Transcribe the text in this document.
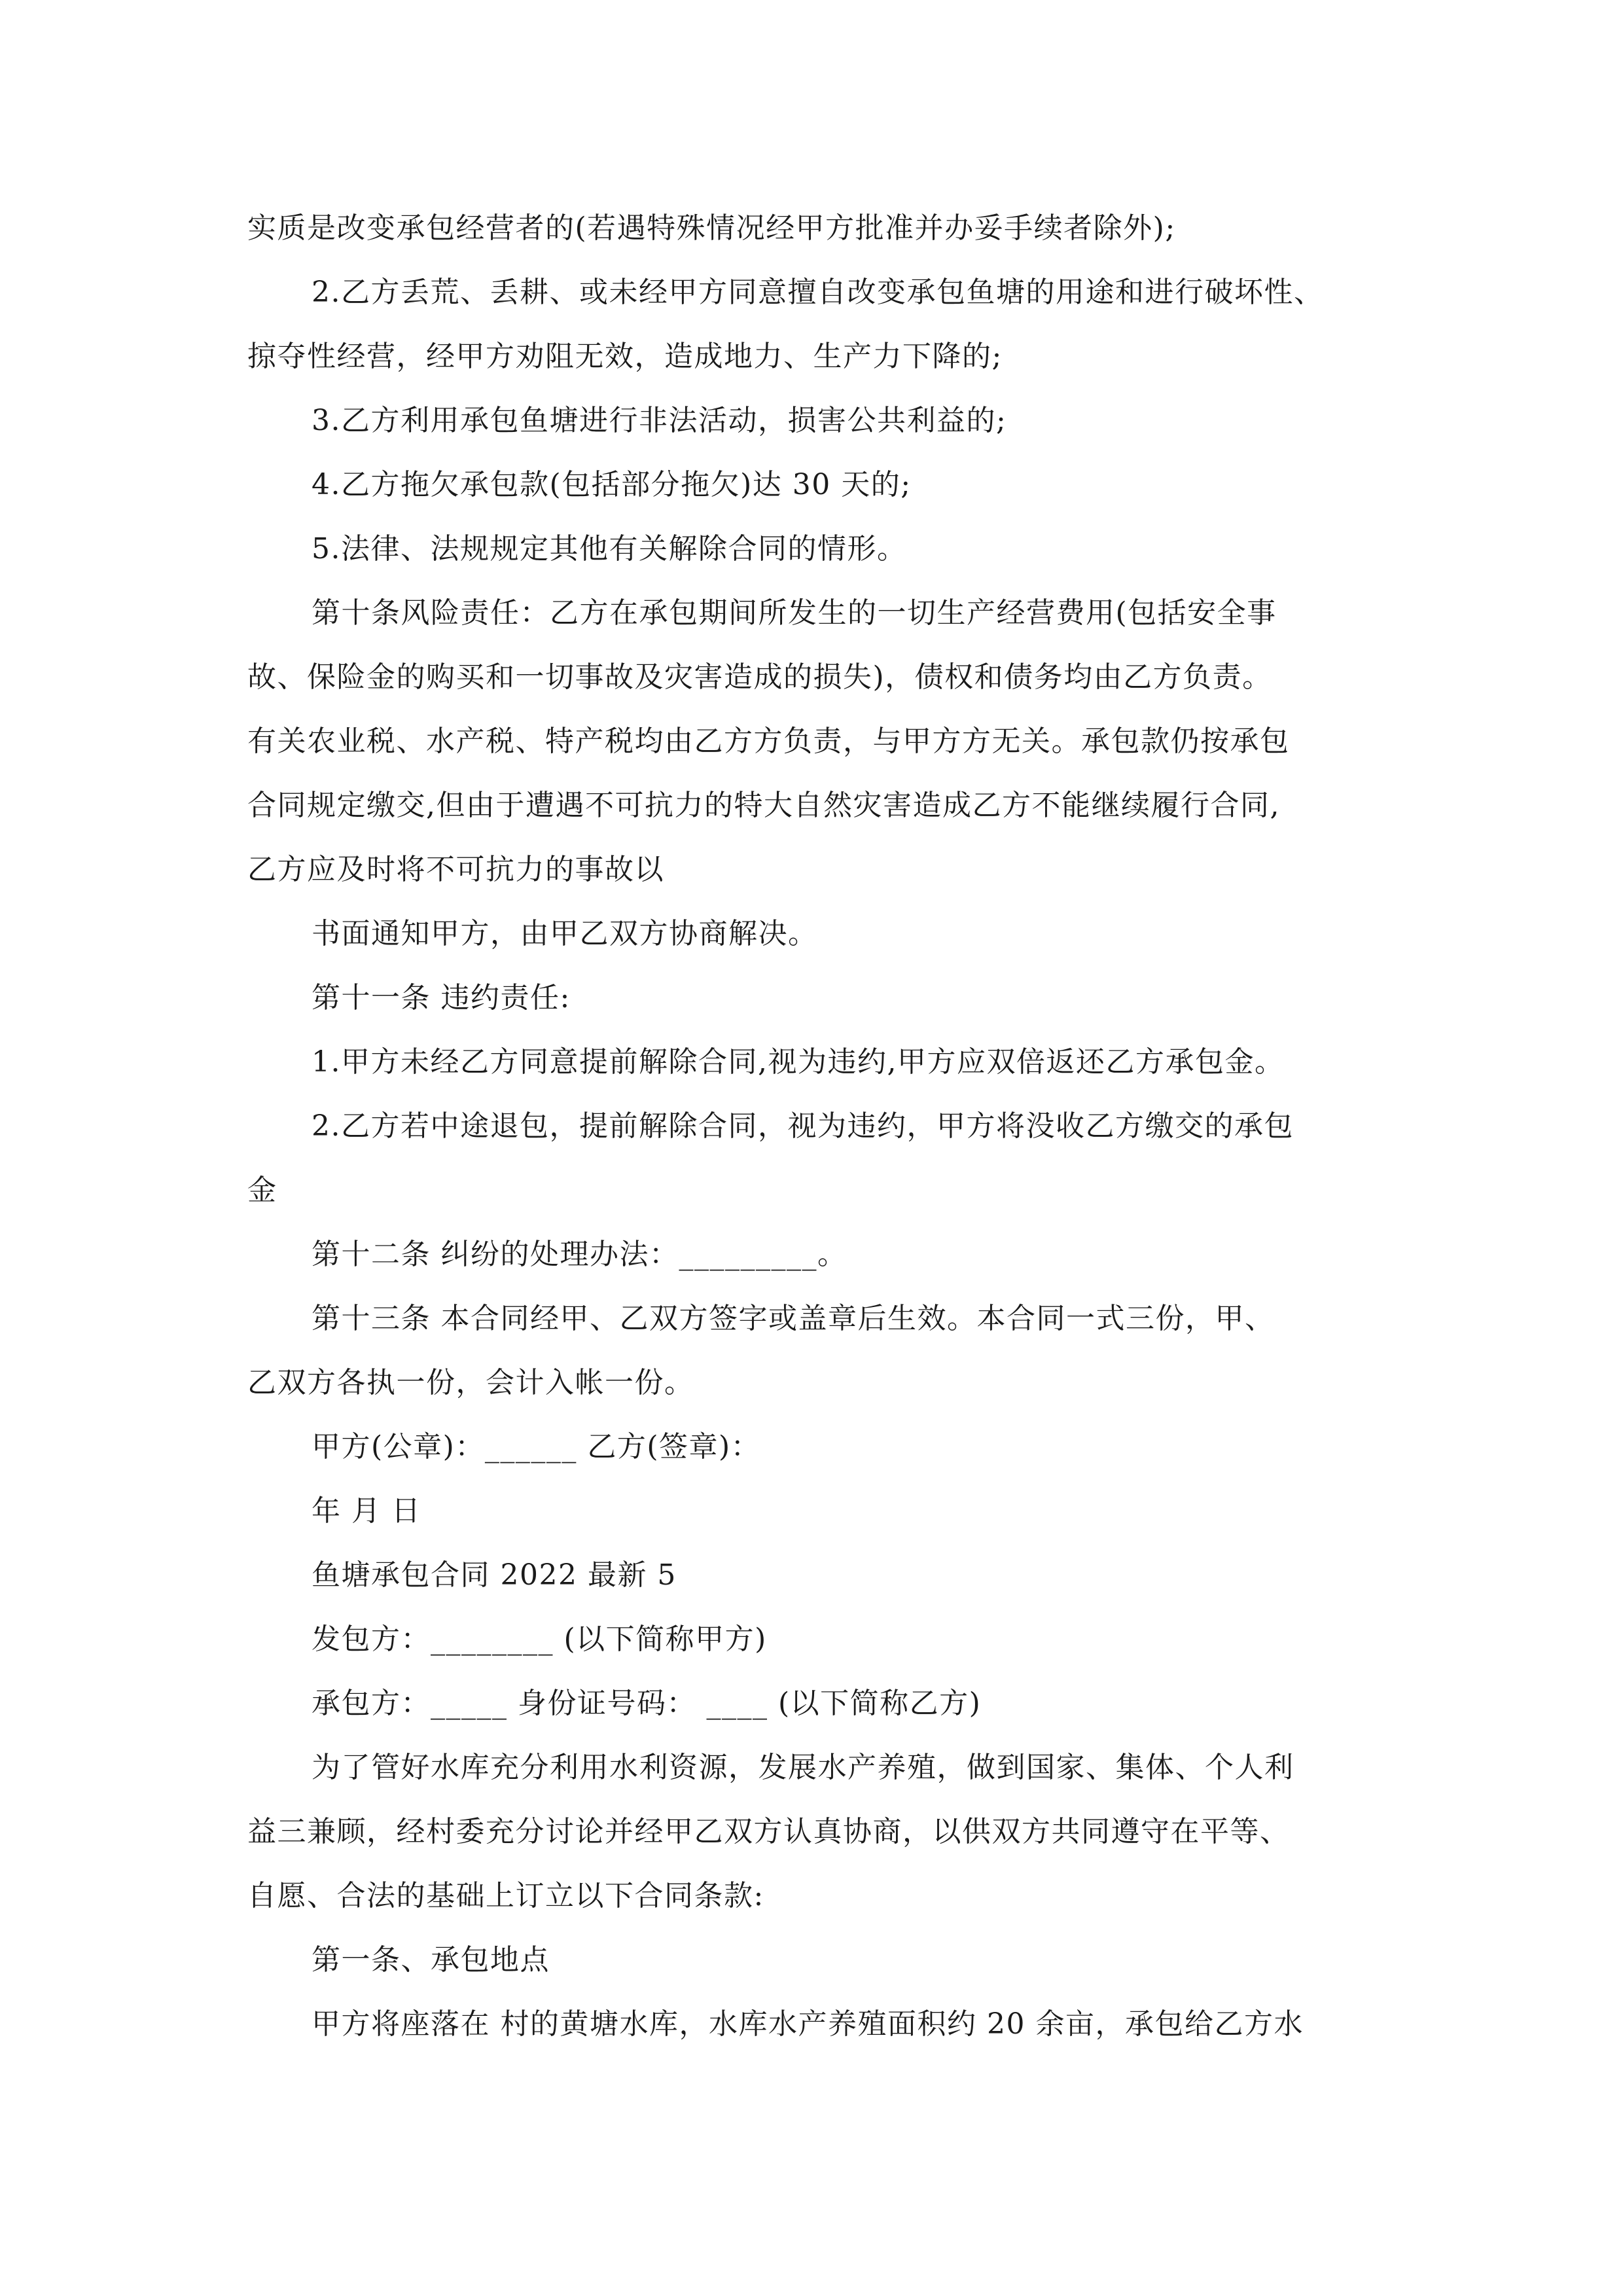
实质是改变承包经营者的(若遇特殊情况经甲方批准并办妥手续者除外);
2.乙方丢荒、丢耕、或未经甲方同意擅自改变承包鱼塘的用途和进行破坏性、
掠夺性经营，经甲方劝阻无效，造成地力、生产力下降的;
3.乙方利用承包鱼塘进行非法活动，损害公共利益的;
4.乙方拖欠承包款(包括部分拖欠)达 30 天的;
5.法律、法规规定其他有关解除合同的情形。
第十条风险责任：乙方在承包期间所发生的一切生产经营费用(包括安全事
故、保险金的购买和一切事故及灾害造成的损失)，债权和债务均由乙方负责。
有关农业税、水产税、特产税均由乙方方负责，与甲方方无关。承包款仍按承包
合同规定缴交,但由于遭遇不可抗力的特大自然灾害造成乙方不能继续履行合同,
乙方应及时将不可抗力的事故以
书面通知甲方，由甲乙双方协商解决。
第十一条 违约责任:
1.甲方未经乙方同意提前解除合同,视为违约,甲方应双倍返还乙方承包金。
2.乙方若中途退包，提前解除合同，视为违约，甲方将没收乙方缴交的承包
金
第十二条 纠纷的处理办法：_________。
第十三条 本合同经甲、乙双方签字或盖章后生效。本合同一式三份，甲、
乙双方各执一份，会计入帐一份。
甲方(公章)：______ 乙方(签章)：
年 月 日
鱼塘承包合同 2022 最新 5
发包方：________ (以下简称甲方)
承包方：_____ 身份证号码： ____ (以下简称乙方)
为了管好水库充分利用水利资源，发展水产养殖，做到国家、集体、个人利
益三兼顾，经村委充分讨论并经甲乙双方认真协商，以供双方共同遵守在平等、
自愿、合法的基础上订立以下合同条款:
第一条、承包地点
甲方将座落在 村的黄塘水库，水库水产养殖面积约 20 余亩，承包给乙方水
